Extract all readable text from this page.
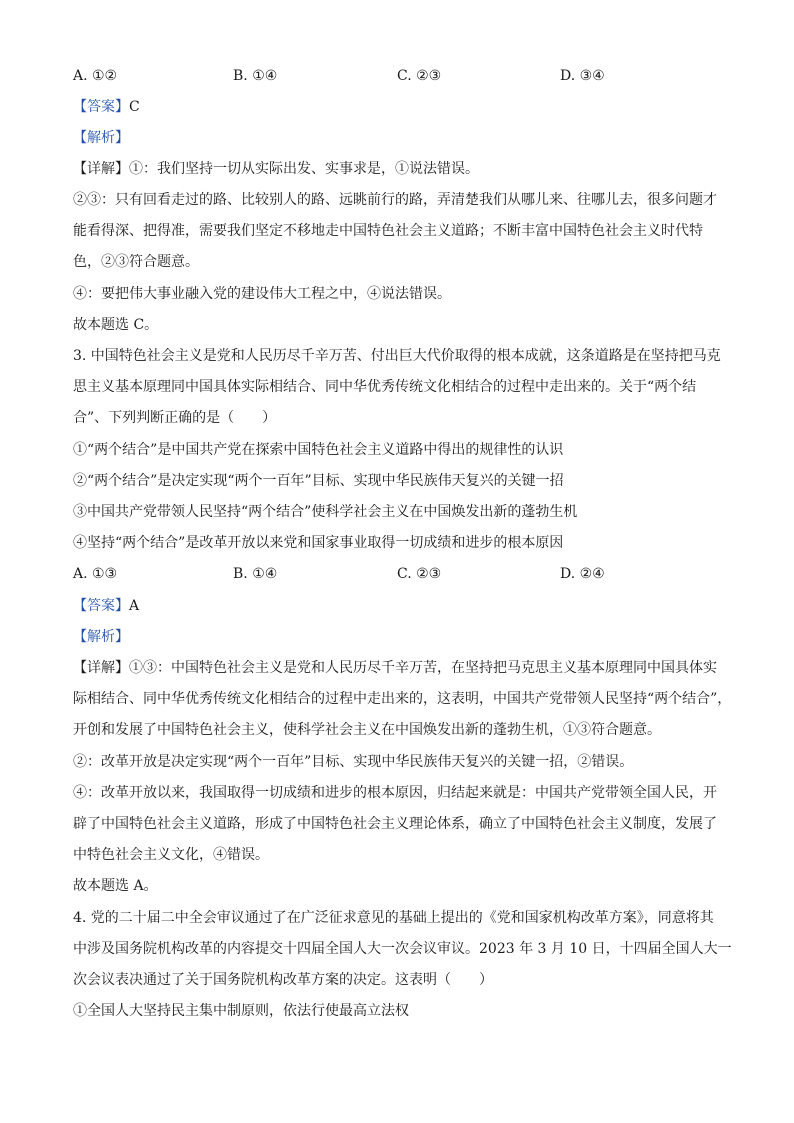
A. ①②	B. ①④	C. ②③	D. ③④
【答案】C
【解析】
【详解】①：我们坚持一切从实际出发、实事求是，①说法错误。
②③：只有回看走过的路、比较别人的路、远眺前行的路，弄清楚我们从哪儿来、往哪儿去，很多问题才
能看得深、把得准，需要我们坚定不移地走中国特色社会主义道路；不断丰富中国特色社会主义时代特
色，②③符合题意。
④：要把伟大事业融入党的建设伟大工程之中，④说法错误。
故本题选 C。
3. 中国特色社会主义是党和人民历尽千辛万苦、付出巨大代价取得的根本成就，这条道路是在坚持把马克
思主义基本原理同中国具体实际相结合、同中华优秀传统文化相结合的过程中走出来的。关于“两个结
合”、下列判断正确的是（　　）
①“两个结合”是中国共产党在探索中国特色社会主义道路中得出的规律性的认识
②“两个结合”是决定实现“两个一百年”目标、实现中华民族伟天复兴的关键一招
③中国共产党带领人民坚持“两个结合”使科学社会主义在中国焕发出新的蓬勃生机
④坚持“两个结合”是改革开放以来党和国家事业取得一切成绩和进步的根本原因
A. ①③	B. ①④	C. ②③	D. ②④
【答案】A
【解析】
【详解】①③：中国特色社会主义是党和人民历尽千辛万苦，在坚持把马克思主义基本原理同中国具体实
际相结合、同中华优秀传统文化相结合的过程中走出来的，这表明，中国共产党带领人民坚持“两个结合”，
开创和发展了中国特色社会主义，使科学社会主义在中国焕发出新的蓬勃生机，①③符合题意。
②：改革开放是决定实现“两个一百年”目标、实现中华民族伟天复兴的关键一招，②错误。
④：改革开放以来，我国取得一切成绩和进步的根本原因，归结起来就是：中国共产党带领全国人民，开
辟了中国特色社会主义道路，形成了中国特色社会主义理论体系，确立了中国特色社会主义制度，发展了
中特色社会主义文化，④错误。
故本题选 A。
4. 党的二十届二中全会审议通过了在广泛征求意见的基础上提出的《党和国家机构改革方案》，同意将其
中涉及国务院机构改革的内容提交十四届全国人大一次会议审议。2023 年 3 月 10 日，十四届全国人大一
次会议表决通过了关于国务院机构改革方案的决定。这表明（　　）
①全国人大坚持民主集中制原则，依法行使最高立法权
